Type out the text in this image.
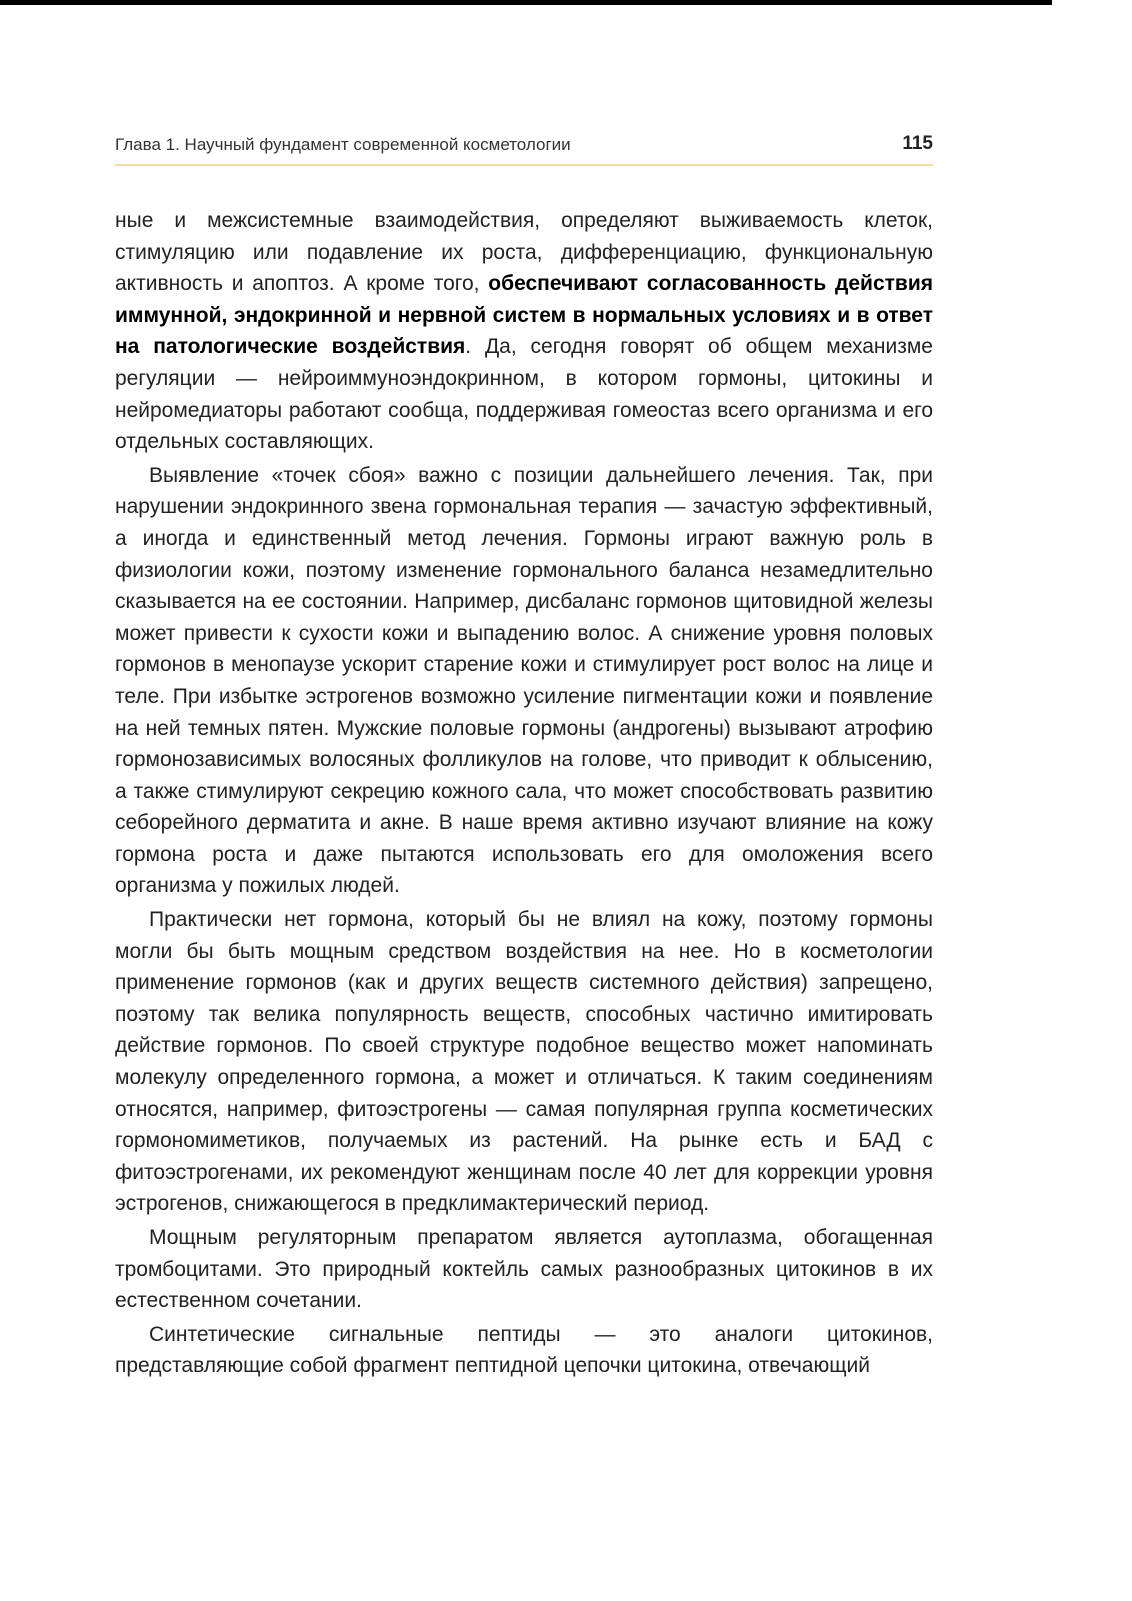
Глава 1. Научный фундамент современной косметологии	115

ные и межсистемные взаимодействия, определяют выживаемость клеток, стимуляцию или подавление их роста, дифференциацию, функциональную активность и апоптоз. А кроме того, обеспечивают согласованность действия иммунной, эндокринной и нервной систем в нормальных условиях и в ответ на патологические воздействия. Да, сегодня говорят об общем механизме регуляции — нейроиммуноэндокринном, в котором гормоны, цитокины и нейромедиаторы работают сообща, поддерживая гомеостаз всего организма и его отдельных составляющих.

Выявление «точек сбоя» важно с позиции дальнейшего лечения. Так, при нарушении эндокринного звена гормональная терапия — зачастую эффективный, а иногда и единственный метод лечения. Гормоны играют важную роль в физиологии кожи, поэтому изменение гормонального баланса незамедлительно сказывается на ее состоянии. Например, дисбаланс гормонов щитовидной железы может привести к сухости кожи и выпадению волос. А снижение уровня половых гормонов в менопаузе ускорит старение кожи и стимулирует рост волос на лице и теле. При избытке эстрогенов возможно усиление пигментации кожи и появление на ней темных пятен. Мужские половые гормоны (андрогены) вызывают атрофию гормонозависимых волосяных фолликулов на голове, что приводит к облысению, а также стимулируют секрецию кожного сала, что может способствовать развитию себорейного дерматита и акне. В наше время активно изучают влияние на кожу гормона роста и даже пытаются использовать его для омоложения всего организма у пожилых людей.

Практически нет гормона, который бы не влиял на кожу, поэтому гормоны могли бы быть мощным средством воздействия на нее. Но в косметологии применение гормонов (как и других веществ системного действия) запрещено, поэтому так велика популярность веществ, способных частично имитировать действие гормонов. По своей структуре подобное вещество может напоминать молекулу определенного гормона, а может и отличаться. К таким соединениям относятся, например, фитоэстрогены — самая популярная группа косметических гормономиметиков, получаемых из растений. На рынке есть и БАД с фитоэстрогенами, их рекомендуют женщинам после 40 лет для коррекции уровня эстрогенов, снижающегося в предклимактерический период.

Мощным регуляторным препаратом является аутоплазма, обогащенная тромбоцитами. Это природный коктейль самых разнообразных цитокинов в их естественном сочетании.

Синтетические сигнальные пептиды — это аналоги цитокинов, представляющие собой фрагмент пептидной цепочки цитокина, отвечающий
